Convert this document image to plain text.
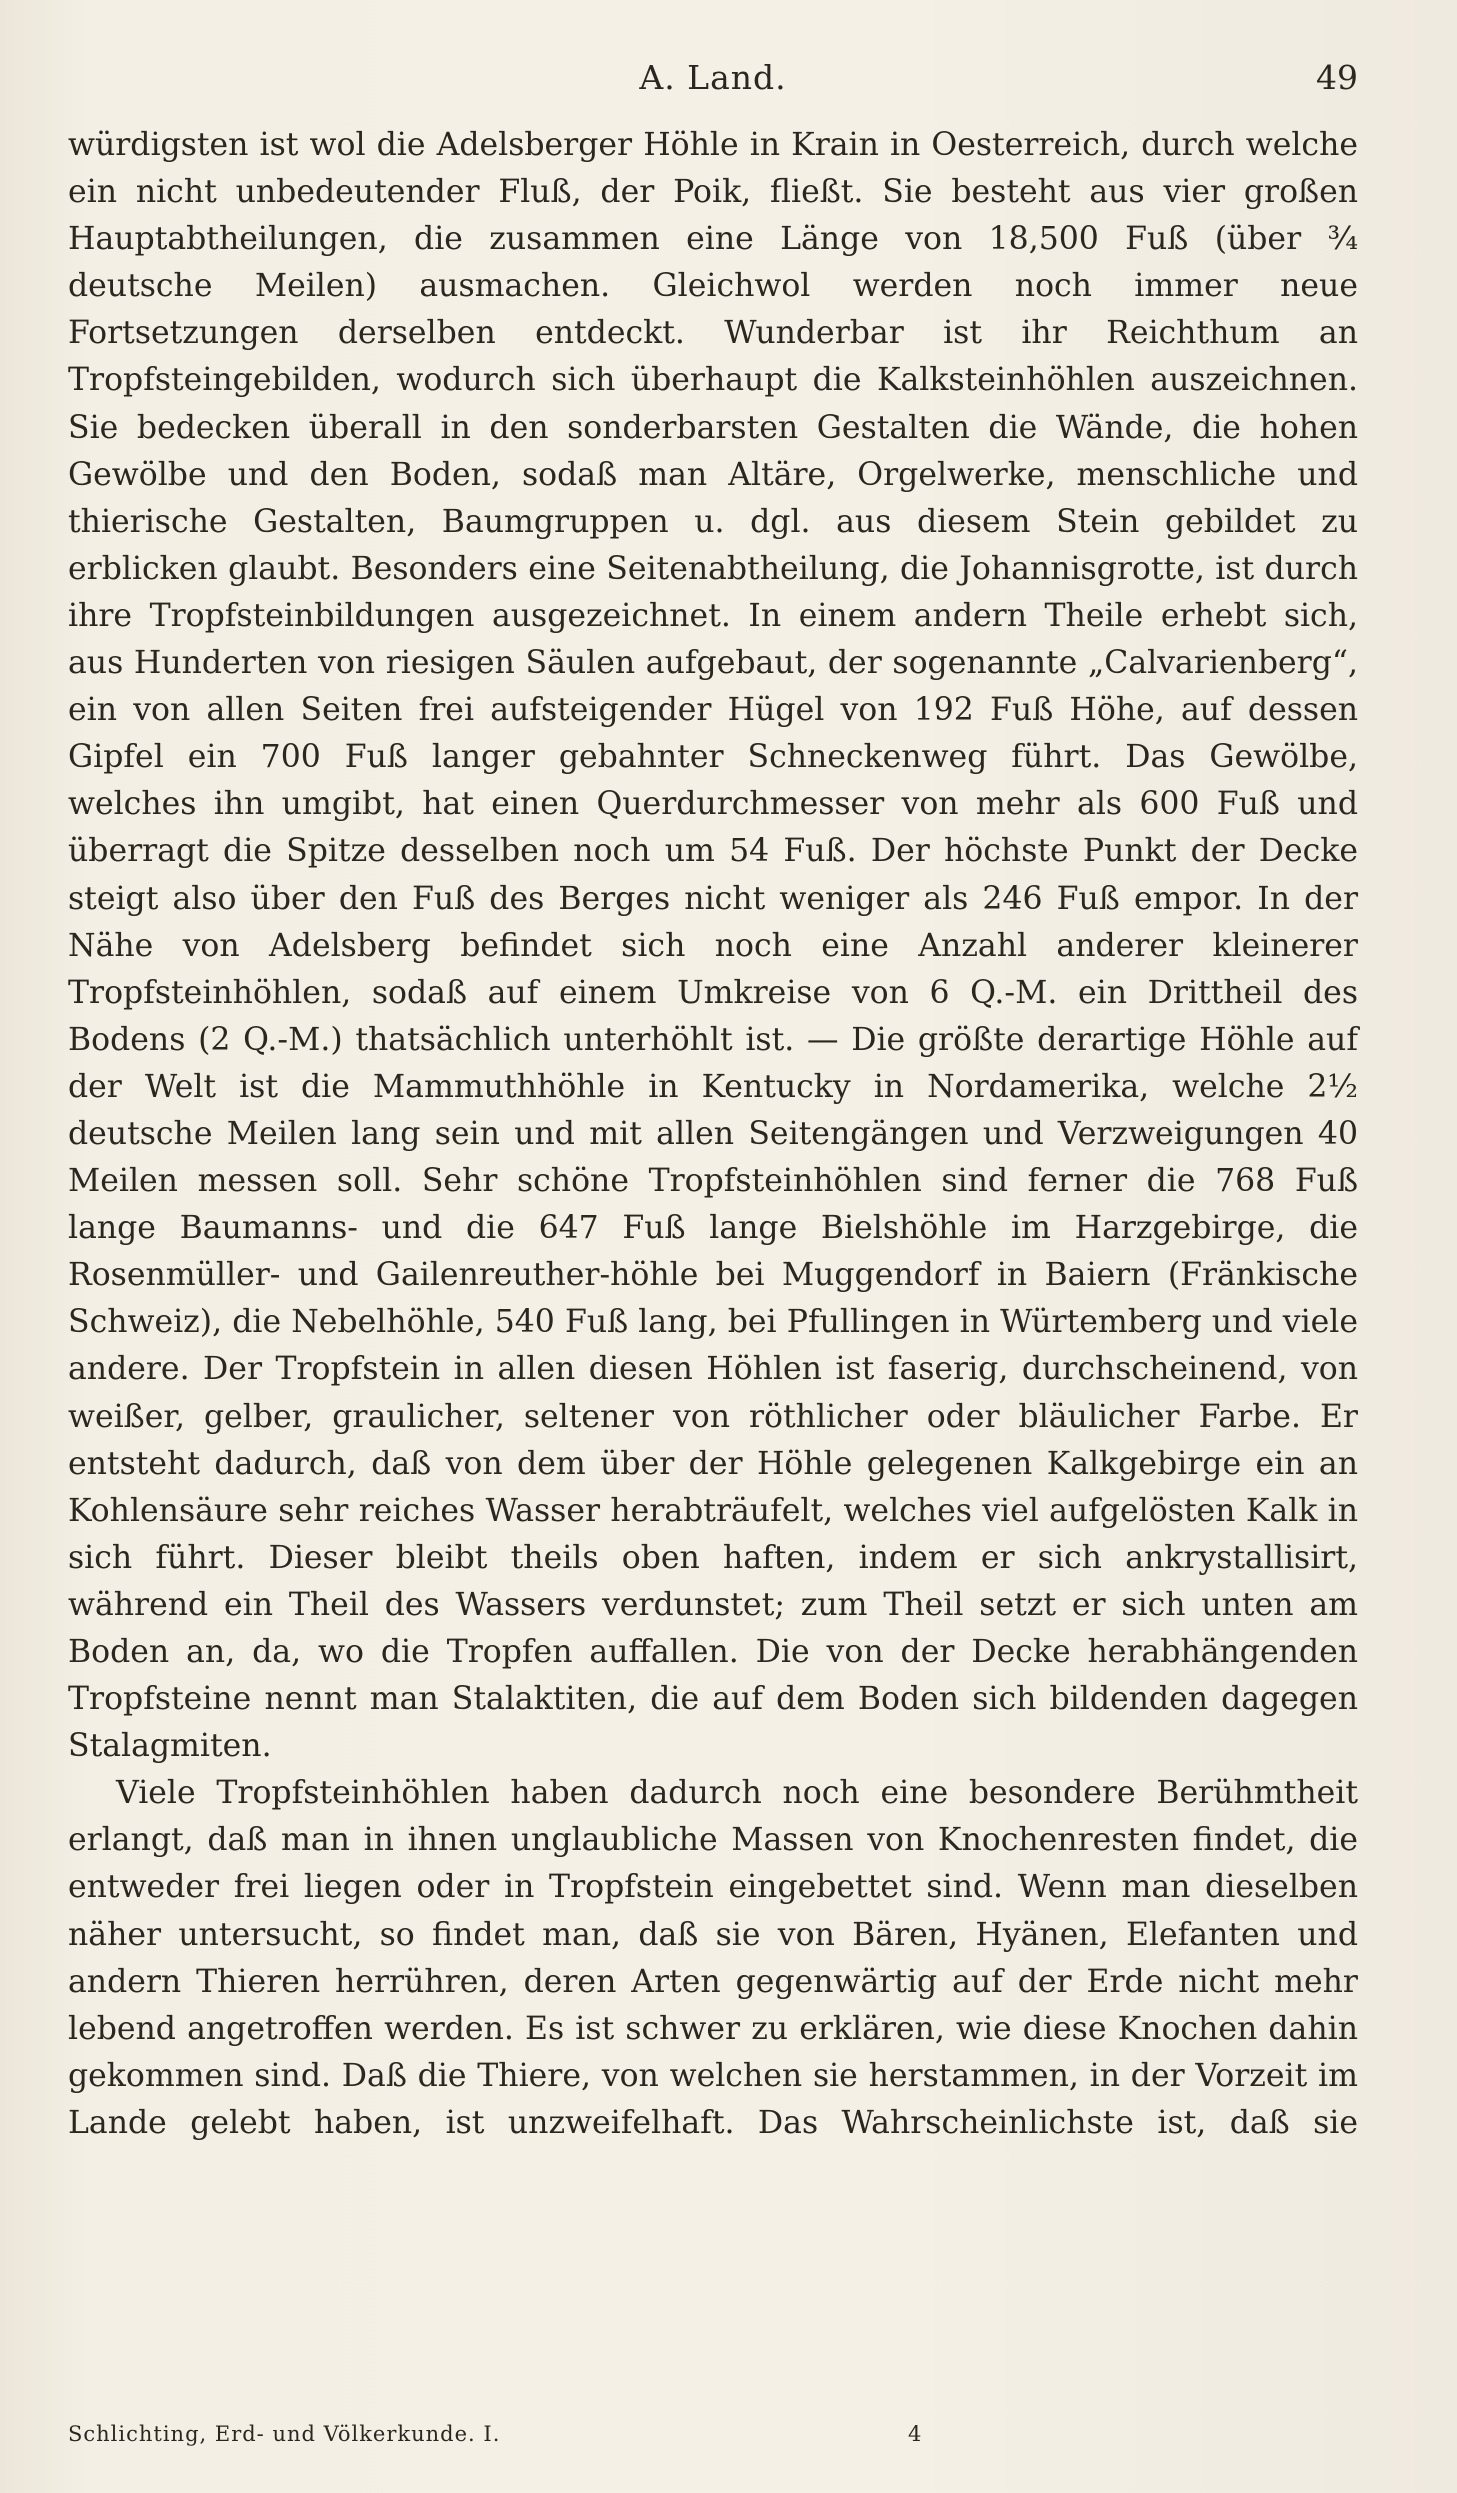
A. Land.	49

würdigsten ist wol die Adelsberger Höhle in Krain in Oesterreich, durch welche ein nicht unbedeutender Fluß, der Poik, fließt. Sie besteht aus vier großen Hauptabtheilungen, die zusammen eine Länge von 18,500 Fuß (über ¾ deutsche Meilen) ausmachen. Gleichwol werden noch immer neue Fortsetzungen derselben entdeckt. Wunderbar ist ihr Reichthum an Tropfsteingebilden, wodurch sich überhaupt die Kalksteinhöhlen auszeichnen. Sie bedecken überall in den sonderbarsten Gestalten die Wände, die hohen Gewölbe und den Boden, sodaß man Altäre, Orgelwerke, menschliche und thierische Gestalten, Baumgruppen u. dgl. aus diesem Stein gebildet zu erblicken glaubt. Besonders eine Seitenabtheilung, die Johannisgrotte, ist durch ihre Tropfsteinbildungen ausgezeichnet. In einem andern Theile erhebt sich, aus Hunderten von riesigen Säulen aufgebaut, der sogenannte „Calvarienberg“, ein von allen Seiten frei aufsteigender Hügel von 192 Fuß Höhe, auf dessen Gipfel ein 700 Fuß langer gebahnter Schneckenweg führt. Das Gewölbe, welches ihn umgibt, hat einen Querdurchmesser von mehr als 600 Fuß und überragt die Spitze desselben noch um 54 Fuß. Der höchste Punkt der Decke steigt also über den Fuß des Berges nicht weniger als 246 Fuß empor. In der Nähe von Adelsberg befindet sich noch eine Anzahl anderer kleinerer Tropfsteinhöhlen, sodaß auf einem Umkreise von 6 Q.-M. ein Drittheil des Bodens (2 Q.-M.) thatsächlich unterhöhlt ist. — Die größte derartige Höhle auf der Welt ist die Mammuthhöhle in Kentucky in Nordamerika, welche 2½ deutsche Meilen lang sein und mit allen Seitengängen und Verzweigungen 40 Meilen messen soll. Sehr schöne Tropfsteinhöhlen sind ferner die 768 Fuß lange Baumanns- und die 647 Fuß lange Bielshöhle im Harzgebirge, die Rosenmüller- und Gailenreuther-höhle bei Muggendorf in Baiern (Fränkische Schweiz), die Nebelhöhle, 540 Fuß lang, bei Pfullingen in Würtemberg und viele andere. Der Tropfstein in allen diesen Höhlen ist faserig, durchscheinend, von weißer, gelber, graulicher, seltener von röthlicher oder bläulicher Farbe. Er entsteht dadurch, daß von dem über der Höhle gelegenen Kalkgebirge ein an Kohlensäure sehr reiches Wasser herabträufelt, welches viel aufgelösten Kalk in sich führt. Dieser bleibt theils oben haften, indem er sich ankrystallisirt, während ein Theil des Wassers verdunstet; zum Theil setzt er sich unten am Boden an, da, wo die Tropfen auffallen. Die von der Decke herabhängenden Tropfsteine nennt man Stalaktiten, die auf dem Boden sich bildenden dagegen Stalagmiten.

Viele Tropfsteinhöhlen haben dadurch noch eine besondere Berühmtheit erlangt, daß man in ihnen unglaubliche Massen von Knochenresten findet, die entweder frei liegen oder in Tropfstein eingebettet sind. Wenn man dieselben näher untersucht, so findet man, daß sie von Bären, Hyänen, Elefanten und andern Thieren herrühren, deren Arten gegenwärtig auf der Erde nicht mehr lebend angetroffen werden. Es ist schwer zu erklären, wie diese Knochen dahin gekommen sind. Daß die Thiere, von welchen sie herstammen, in der Vorzeit im Lande gelebt haben, ist unzweifelhaft. Das Wahrscheinlichste ist, daß sie

Schlichting, Erd- und Völkerkunde. I.	4
